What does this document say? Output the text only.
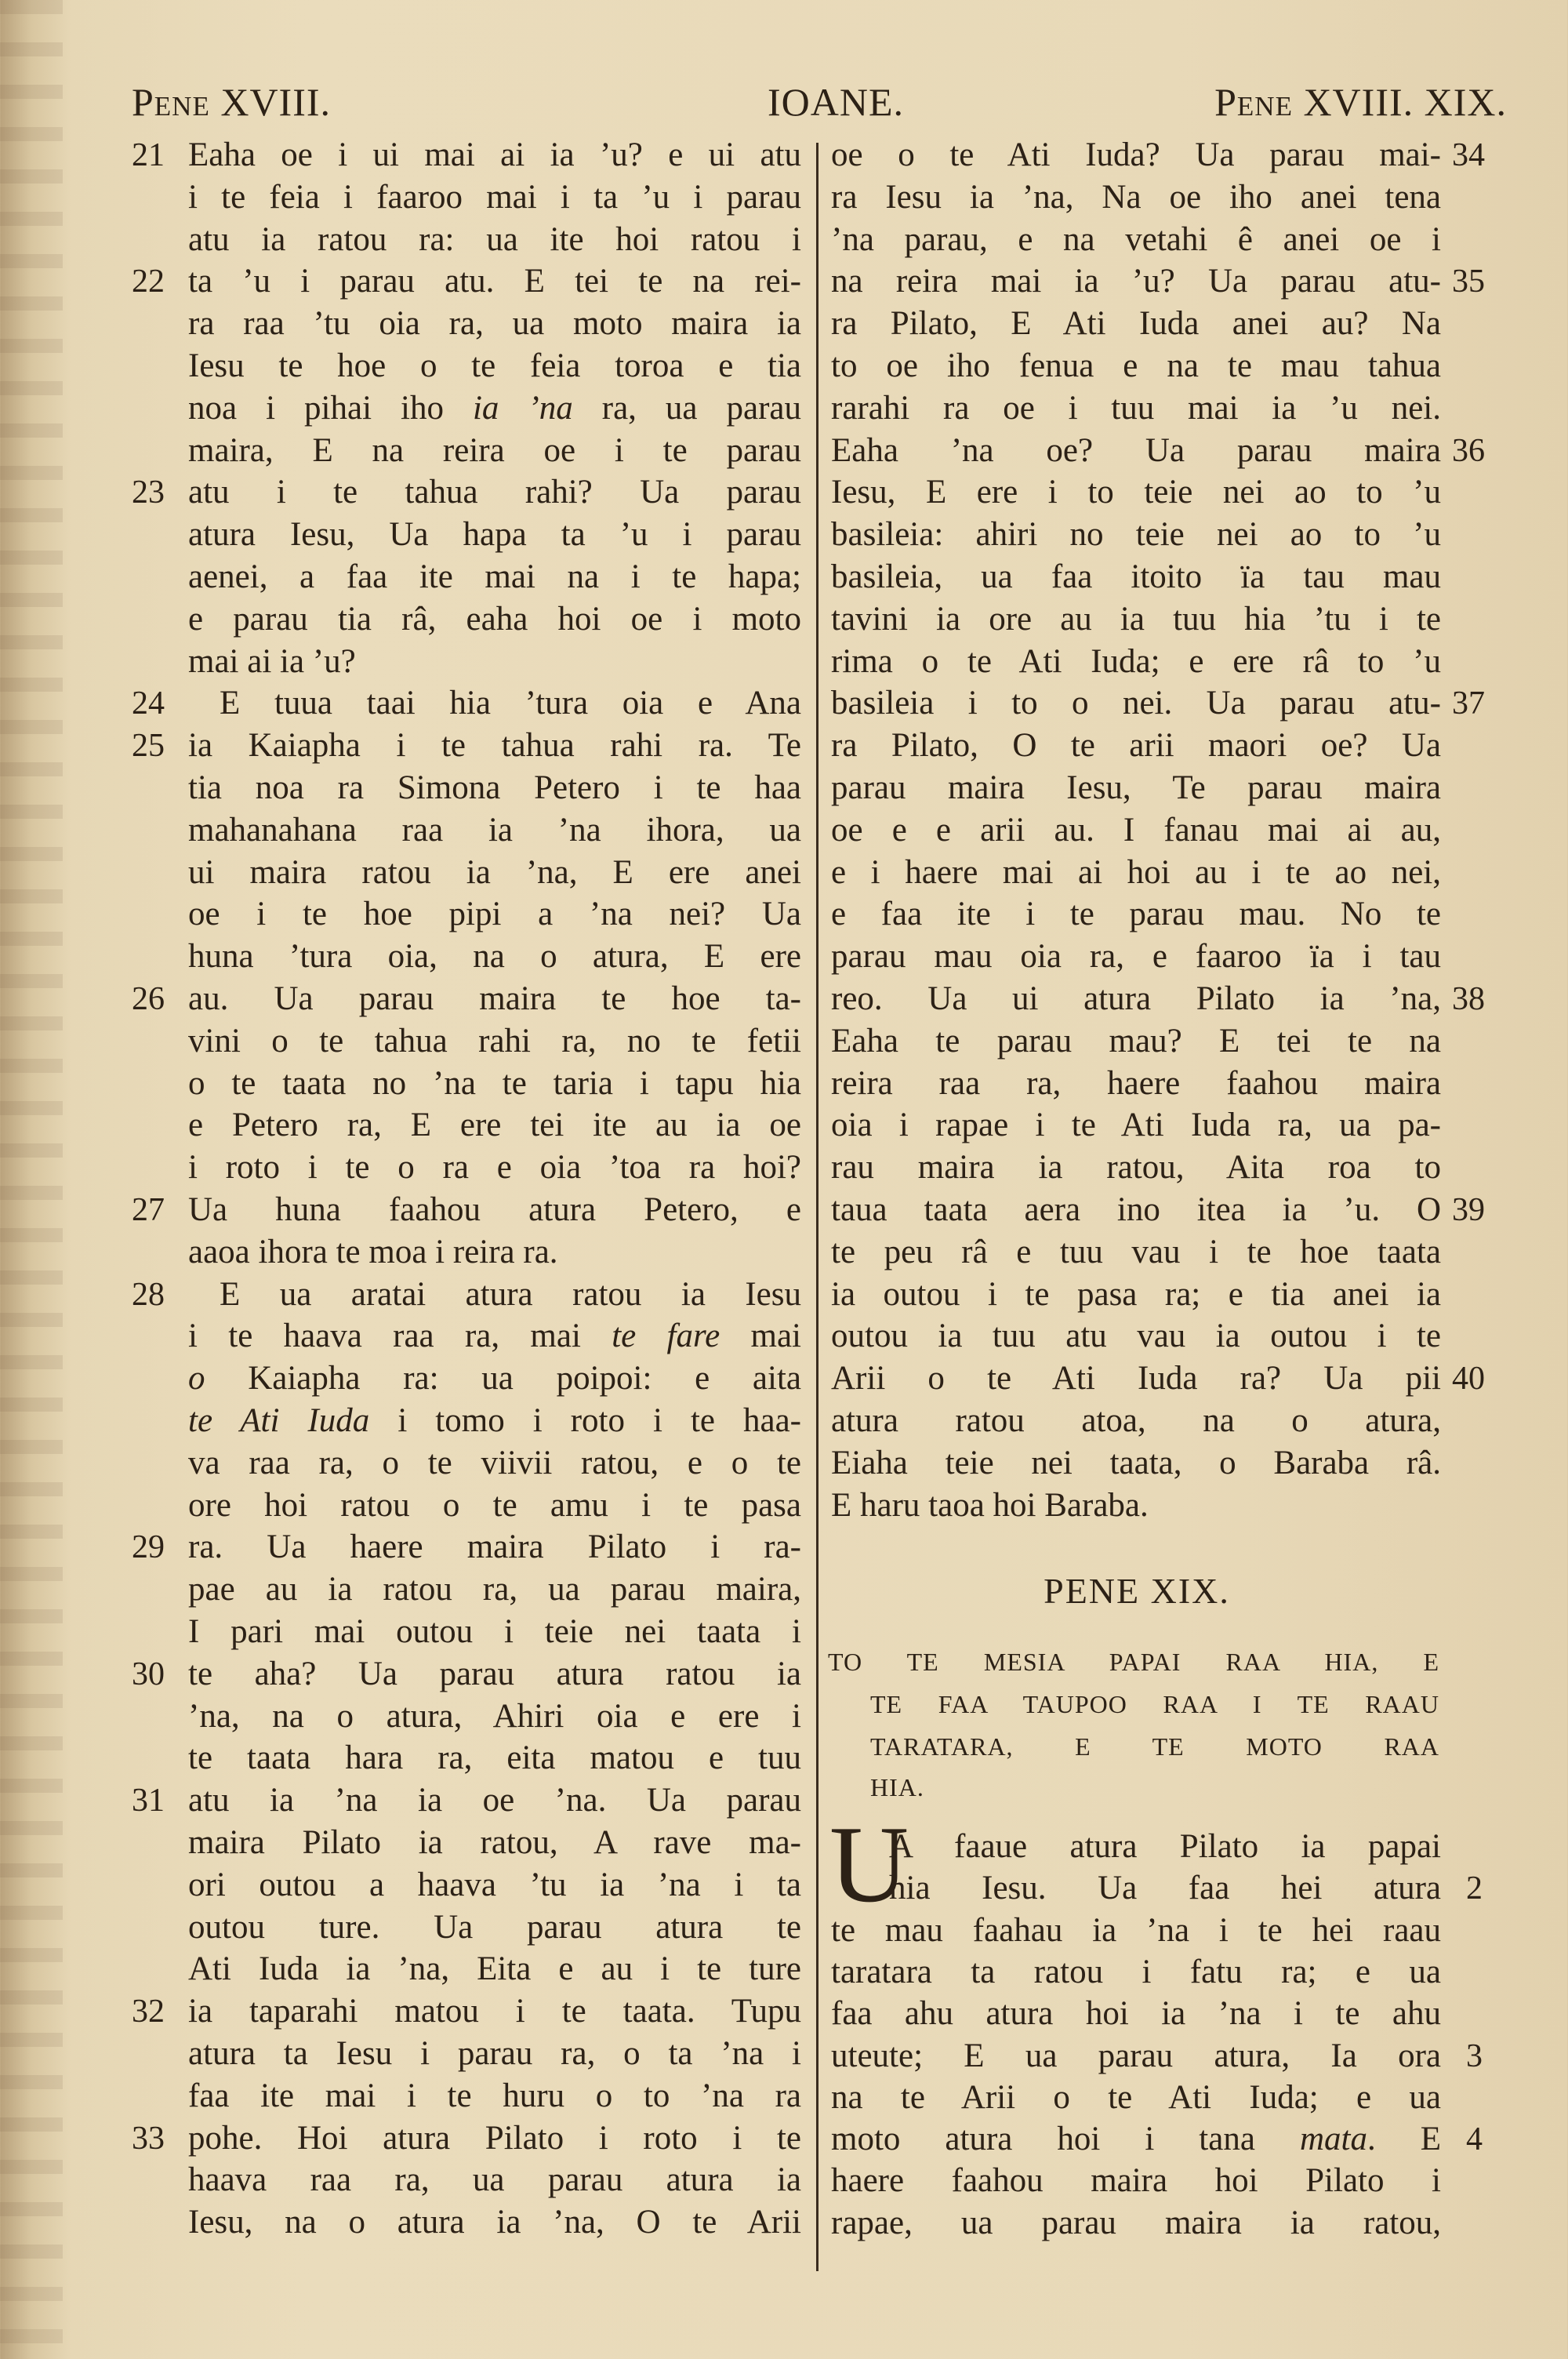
Pene XVIII.	IOANE.	Pene XVIII. XIX.
Eaha oe i ui mai ai ia ’u? e ui atu
21
i te feia i faaroo mai i ta ’u i parau
atu ia ratou ra: ua ite hoi ratou i
ta ’u i parau atu. E tei te na rei-
22
ra raa ’tu oia ra, ua moto maira ia
Iesu te hoe o te feia toroa e tia
noa i pihai iho ia ’na ra, ua parau
maira, E na reira oe i te parau
atu i te tahua rahi? Ua parau
23
atura Iesu, Ua hapa ta ’u i parau
aenei, a faa ite mai na i te hapa;
e parau tia râ, eaha hoi oe i moto
mai ai ia ’u?
E tuua taai hia ’tura oia e Ana
24
ia Kaiapha i te tahua rahi ra. Te
25
tia noa ra Simona Petero i te haa
mahanahana raa ia ’na ihora, ua
ui maira ratou ia ’na, E ere anei
oe i te hoe pipi a ’na nei? Ua
huna ’tura oia, na o atura, E ere
au. Ua parau maira te hoe ta-
26
vini o te tahua rahi ra, no te fetii
o te taata no ’na te taria i tapu hia
e Petero ra, E ere tei ite au ia oe
i roto i te o ra e oia ’toa ra hoi?
Ua huna faahou atura Petero, e
27
aaoa ihora te moa i reira ra.
E ua aratai atura ratou ia Iesu
28
i te haava raa ra, mai te fare mai
o Kaiapha ra: ua poipoi: e aita
te Ati Iuda i tomo i roto i te haa-
va raa ra, o te viivii ratou, e o te
ore hoi ratou o te amu i te pasa
ra. Ua haere maira Pilato i ra-
29
pae au ia ratou ra, ua parau maira,
I pari mai outou i teie nei taata i
te aha? Ua parau atura ratou ia
30
’na, na o atura, Ahiri oia e ere i
te taata hara ra, eita matou e tuu
atu ia ’na ia oe ’na. Ua parau
31
maira Pilato ia ratou, A rave ma-
ori outou a haava ’tu ia ’na i ta
outou ture. Ua parau atura te
Ati Iuda ia ’na, Eita e au i te ture
ia taparahi matou i te taata. Tupu
32
atura ta Iesu i parau ra, o ta ’na i
faa ite mai i te huru o to ’na ra
pohe. Hoi atura Pilato i roto i te
33
haava raa ra, ua parau atura ia
Iesu, na o atura ia ’na, O te Arii
oe o te Ati Iuda? Ua parau mai- 34
ra Iesu ia ’na, Na oe iho anei tena
’na parau, e na vetahi ê anei oe i
na reira mai ia ’u? Ua parau atu- 35
ra Pilato, E Ati Iuda anei au? Na
to oe iho fenua e na te mau tahua
rarahi ra oe i tuu mai ia ’u nei.
Eaha ’na oe? Ua parau maira 36
Iesu, E ere i to teie nei ao to ’u
basileia: ahiri no teie nei ao to ’u
basileia, ua faa itoito ïa tau mau
tavini ia ore au ia tuu hia ’tu i te
rima o te Ati Iuda; e ere râ to ’u
basileia i to o nei. Ua parau atu- 37
ra Pilato, O te arii maori oe? Ua
parau maira Iesu, Te parau maira
oe e e arii au. I fanau mai ai au,
e i haere mai ai hoi au i te ao nei,
e faa ite i te parau mau. No te
parau mau oia ra, e faaroo ïa i tau
reo. Ua ui atura Pilato ia ’na, 38
Eaha te parau mau? E tei te na
reira raa ra, haere faahou maira
oia i rapae i te Ati Iuda ra, ua pa-
rau maira ia ratou, Aita roa to
taua taata aera ino itea ia ’u. O 39
te peu râ e tuu vau i te hoe taata
ia outou i te pasa ra; e tia anei ia
outou ia tuu atu vau ia outou i te
Arii o te Ati Iuda ra? Ua pii 40
atura ratou atoa, na o atura,
Eiaha teie nei taata, o Baraba râ.
E haru taoa hoi Baraba.
PENE XIX.
TO TE MESIA PAPAI RAA HIA, E
TE FAA TAUPOO RAA I TE RAAU
TARATARA, E TE MOTO RAA
HIA.
U
A faaue atura Pilato ia papai
hia Iesu. Ua faa hei atura 2
te mau faahau ia ’na i te hei raau
taratara ta ratou i fatu ra; e ua
faa ahu atura hoi ia ’na i te ahu
uteute; E ua parau atura, Ia ora 3
na te Arii o te Ati Iuda; e ua
moto atura hoi i tana mata. E 4
haere faahou maira hoi Pilato i
rapae, ua parau maira ia ratou,
